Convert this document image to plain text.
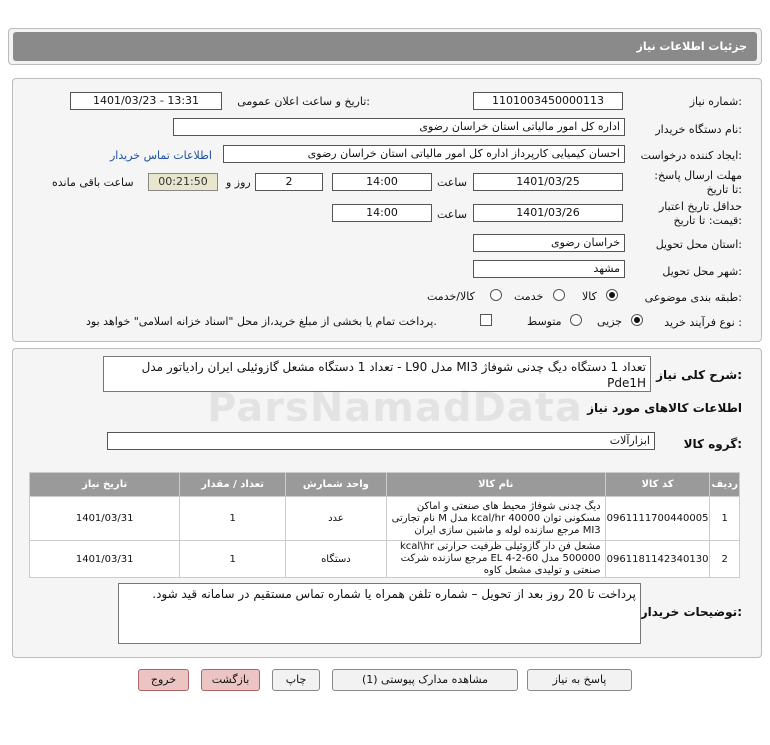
جزئیات اطلاعات نیاز
شماره نیاز:
1101003450000113
تاریخ و ساعت اعلان عمومی:
1401/03/23 - 13:31
نام دستگاه خریدار:
اداره کل امور مالیاتی استان خراسان رضوی
ایجاد کننده درخواست:
احسان کیمیایی کارپرداز اداره کل امور مالیاتی استان خراسان رضوی
اطلاعات تماس خریدار
مهلت ارسال پاسخ: تا تاریخ:
1401/03/25
ساعت
14:00
2
روز و
00:21:50
ساعت باقی مانده
حداقل تاریخ اعتبار قیمت: تا تاریخ:
1401/03/26
ساعت
14:00
استان محل تحویل:
خراسان رضوی
شهر محل تحویل:
مشهد
طبقه بندی موضوعی:
کالا
خدمت
کالا/خدمت
نوع فرآیند خرید :
جزیی
متوسط
پرداخت تمام یا بخشی از مبلغ خرید،از محل "اسناد خزانه اسلامی" خواهد بود.
شرح کلی نیاز:
تعداد 1 دستگاه دیگ چدنی شوفاژ MI3 مدل L90 - تعداد 1 دستگاه مشعل گازوئیلی ایران رادیاتور مدل Pde1H
اطلاعات کالاهای مورد نیاز
گروه کالا:
ابزارآلات
ردیف	کد کالا	نام کالا	واحد شمارش	تعداد / مقدار	تاریخ نیاز
1	0961111700440005	دیگ چدنی شوفاژ محیط های صنعتی و اماکن مسکونی توان 40000 kcal/hr مدل M نام تجارتی MI3 مرجع سازنده لوله و ماشین سازی ایران	عدد	1	1401/03/31
2	0961181142340130	مشعل فن دار گازوئیلی ظرفیت حرارتی kcal\hr 500000 مدل EL 4-2-60 مرجع سازنده شرکت صنعتی و تولیدی مشعل کاوه	دستگاه	1	1401/03/31
توضیحات خریدار:
پرداخت تا 20 روز بعد از تحویل – شماره تلفن همراه یا شماره تماس مستقیم در سامانه قید شود.
پاسخ به نیاز
مشاهده مدارک پیوستی (1)
چاپ
بازگشت
خروج
